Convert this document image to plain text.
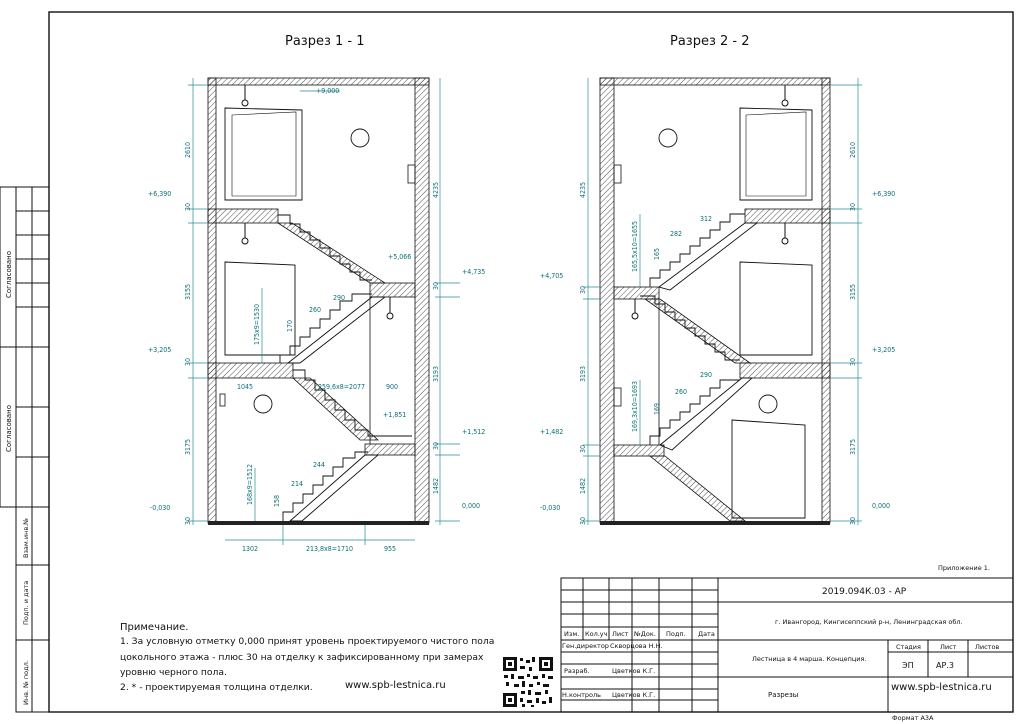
Согласовано
Согласовано
Взам.инв.№
Подп. и дата
Инв. № подл.
Разрез 1 - 1	Разрез 2 - 2
+9,000
+6,390
+5,066
+4,735
+3,205
+1,851
+1,512
0,000
-0,030
2610
30
3155
30
3175
30
4235
30
3193
30
1482
290
260
170
175x9=1530
1045	259,6х8=2077	900
244
214
158
168x9=1512
1302	213,8х8=1710	955
+6,390
+4,705
+3,205
+1,482
0,000
-0,030
4235
30
3193
30
1482
30
2610
30
3155
30
3175
30
312
282
165
165,5х10=1655
290
260
169
169,3х10=1693
Изм. Кол.уч Лист №Док. Подп. Дата
Ген.директор Скворцова Н.Н.
Разраб.	Цветков К.Г.
Н.контроль Цветков К.Г.
2019.094К.03 - АР
г. Ивангород, Кингисеппский р-н, Ленинградская обл.
Лестница в 4 марша. Концепция.
Стадия	Лист	Листов
ЭП	АР.3
Разрезы
www.spb-lestnica.ru
Формат А3А
Приложение 1.
Примечание.
1. За условную отметку 0,000 принят уровень проектируемого чистого пола
цокольного этажа - плюс 30 на отделку к зафиксированному при замерах
уровню черного пола.
2. * - проектируемая толщина отделки.	www.spb-lestnica.ru
